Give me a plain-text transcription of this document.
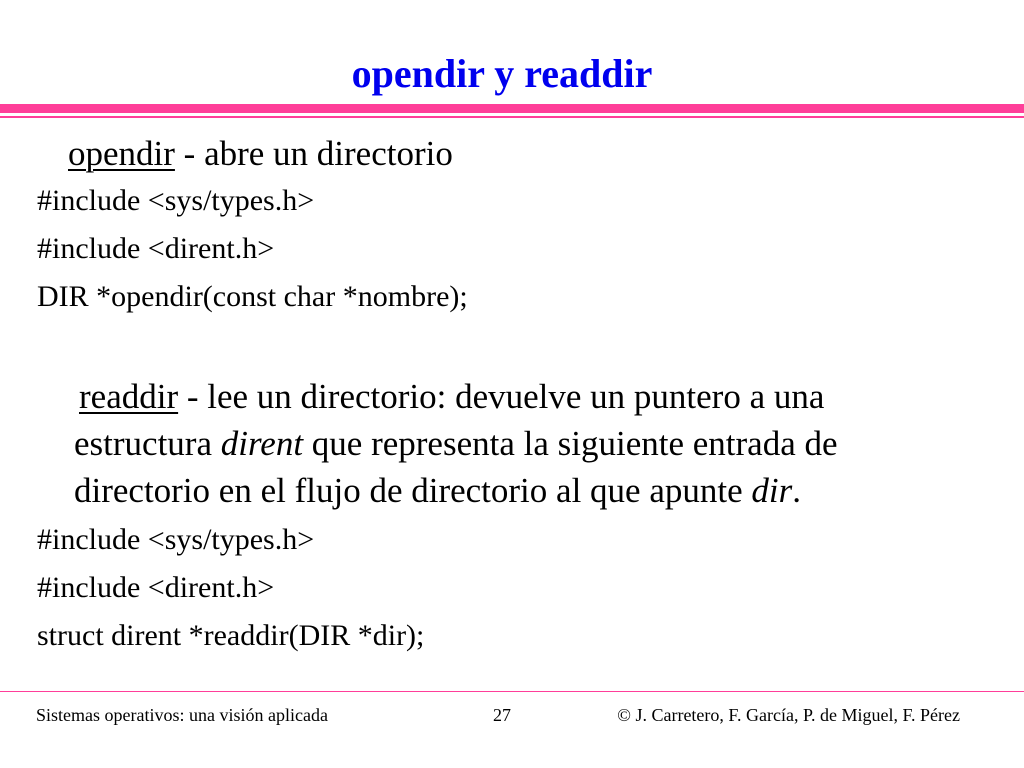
opendir y readdir
opendir - abre un directorio
#include <sys/types.h>
#include <dirent.h>
DIR *opendir(const char *nombre);
readdir - lee un directorio: devuelve un puntero a una
estructura dirent que representa la siguiente entrada de
directorio en el flujo de directorio al que apunte dir.
#include <sys/types.h>
#include <dirent.h>
struct dirent *readdir(DIR *dir);
Sistemas operativos: una visión aplicada	27	© J. Carretero, F. García, P. de Miguel, F. Pérez
